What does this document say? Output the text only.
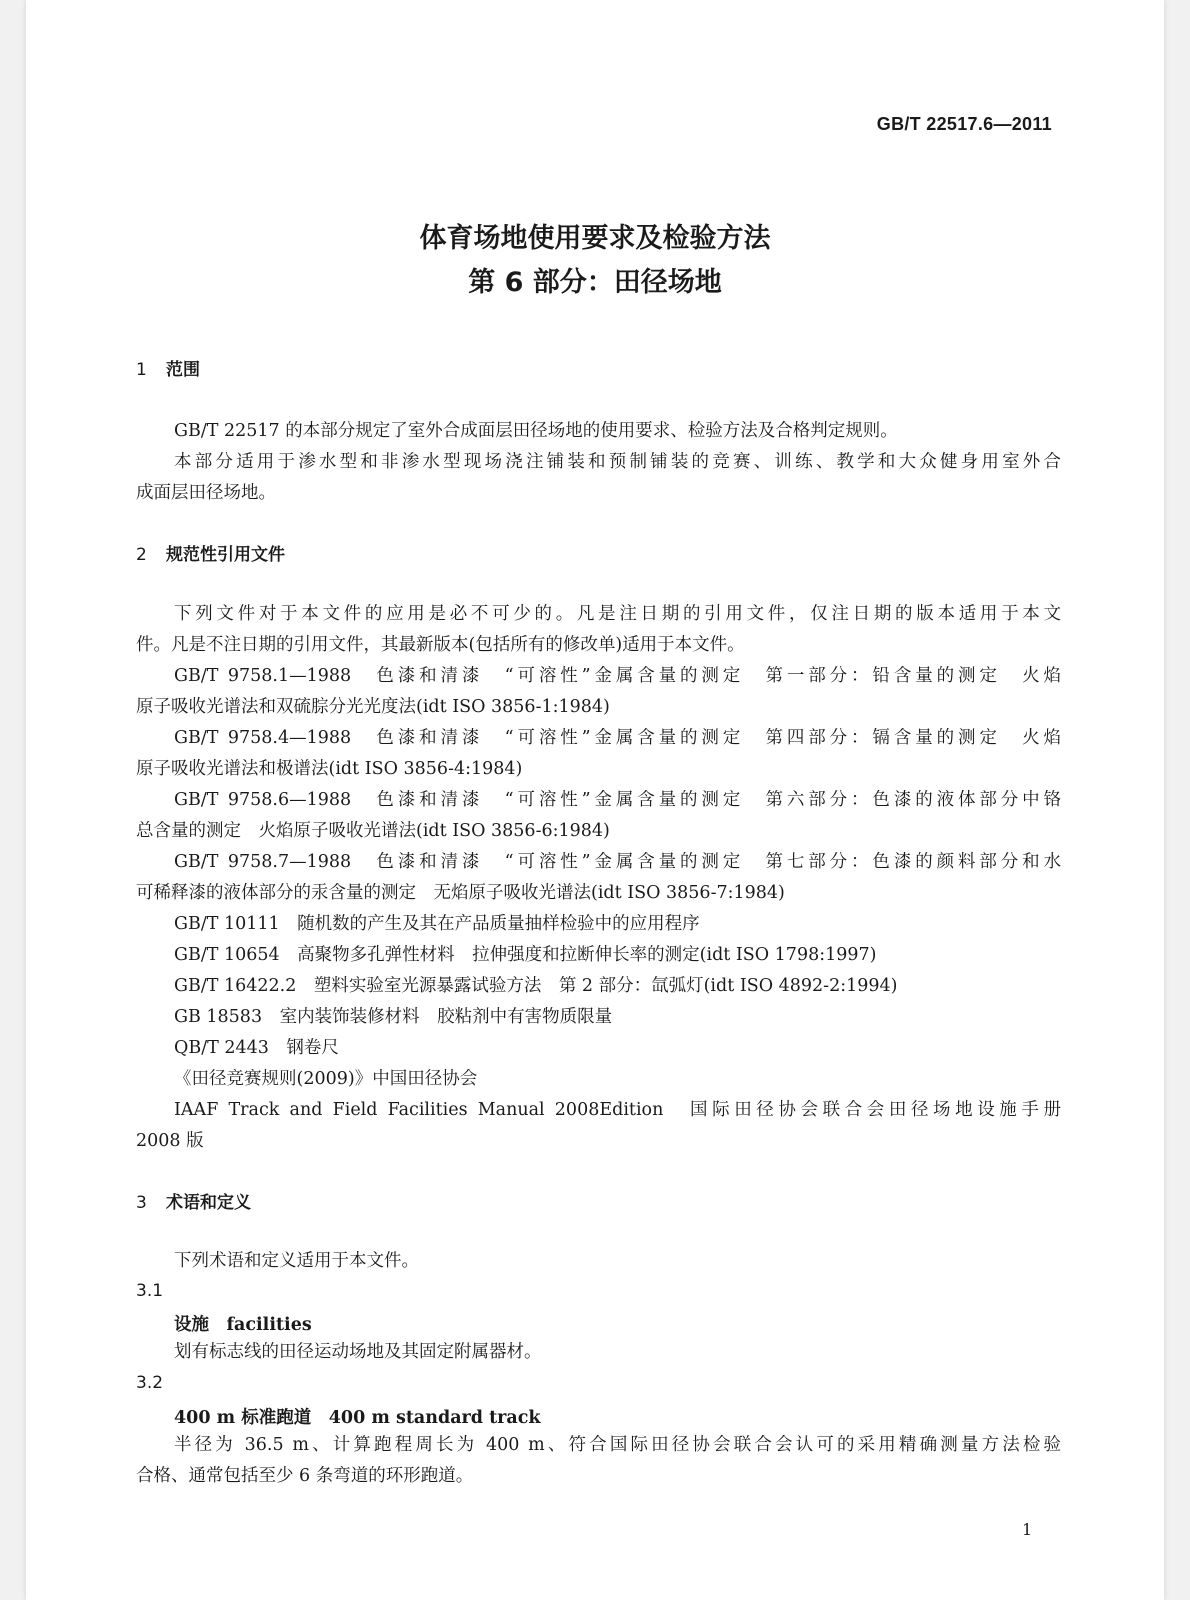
GB/T 22517.6—2011
体育场地使用要求及检验方法
第 6 部分：田径场地
1 范围
GB/T 22517 的本部分规定了室外合成面层田径场地的使用要求、检验方法及合格判定规则。
本部分适用于渗水型和非渗水型现场浇注铺装和预制铺装的竞赛、训练、教学和大众健身用室外合
成面层田径场地。
2 规范性引用文件
下列文件对于本文件的应用是必不可少的。凡是注日期的引用文件，仅注日期的版本适用于本文
件。凡是不注日期的引用文件，其最新版本(包括所有的修改单)适用于本文件。
GB/T 9758.1—1988　色漆和清漆　“可溶性”金属含量的测定　第一部分：铅含量的测定　火焰
原子吸收光谱法和双硫腙分光光度法(idt ISO 3856-1:1984)
GB/T 9758.4—1988　色漆和清漆　“可溶性”金属含量的测定　第四部分：镉含量的测定　火焰
原子吸收光谱法和极谱法(idt ISO 3856-4:1984)
GB/T 9758.6—1988　色漆和清漆　“可溶性”金属含量的测定　第六部分：色漆的液体部分中铬
总含量的测定　火焰原子吸收光谱法(idt ISO 3856-6:1984)
GB/T 9758.7—1988　色漆和清漆　“可溶性”金属含量的测定　第七部分：色漆的颜料部分和水
可稀释漆的液体部分的汞含量的测定　无焰原子吸收光谱法(idt ISO 3856-7:1984)
GB/T 10111　随机数的产生及其在产品质量抽样检验中的应用程序
GB/T 10654　高聚物多孔弹性材料　拉伸强度和拉断伸长率的测定(idt ISO 1798:1997)
GB/T 16422.2　塑料实验室光源暴露试验方法　第 2 部分：氙弧灯(idt ISO 4892-2:1994)
GB 18583　室内装饰装修材料　胶粘剂中有害物质限量
QB/T 2443　钢卷尺
《田径竞赛规则(2009)》中国田径协会
IAAF Track and Field Facilities Manual 2008Edition　国际田径协会联合会田径场地设施手册
2008 版
3 术语和定义
下列术语和定义适用于本文件。
3.1
设施　facilities
划有标志线的田径运动场地及其固定附属器材。
3.2
400 m 标准跑道　400 m standard track
半径为 36.5 m、计算跑程周长为 400 m、符合国际田径协会联合会认可的采用精确测量方法检验
合格、通常包括至少 6 条弯道的环形跑道。
1
